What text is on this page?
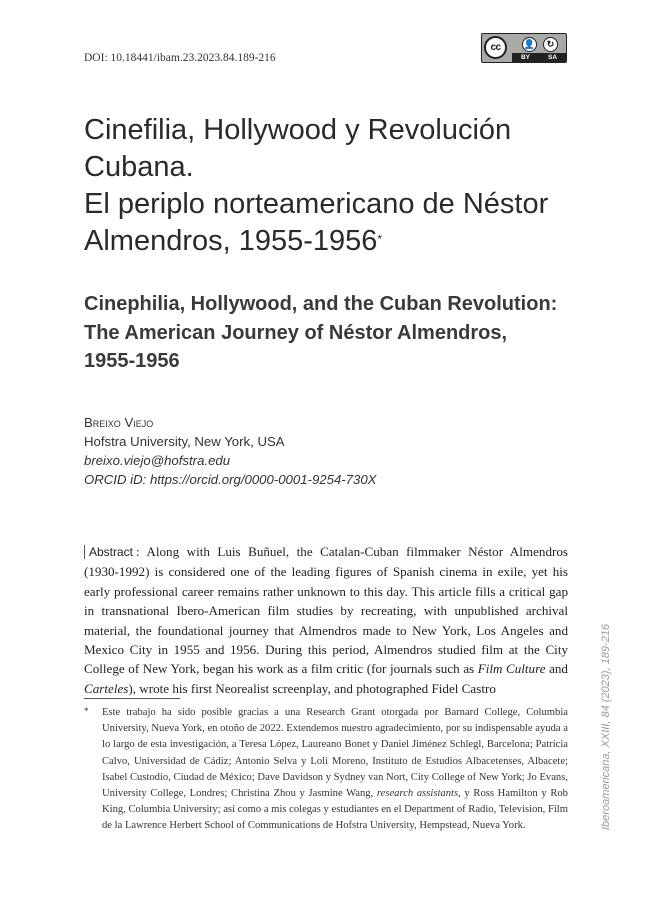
DOI: 10.18441/ibam.23.2023.84.189-216
cc	👤	↻
BY	SA
Cinefilia, Hollywood y Revolución
Cubana.
El periplo norteamericano de Néstor
Almendros, 1955-1956*
Cinephilia, Hollywood, and the Cuban Revolution:
The American Journey of Néstor Almendros,
1955-1956
Breixo Viejo
Hofstra University, New York, USA
breixo.viejo@hofstra.edu
ORCID iD: https://orcid.org/0000-0001-9254-730X
Abstract : Along with Luis Buñuel, the Catalan-Cuban filmmaker Néstor Almendros (1930-1992) is considered one of the leading figures of Spanish cinema in exile, yet his early professional career remains rather unknown to this day. This article fills a critical gap in transnational Ibero-American film studies by recreating, with unpublished archival material, the foundational journey that Almendros made to New York, Los Angeles and Mexico City in 1955 and 1956. During this period, Almendros studied film at the City College of New York, began his work as a film critic (for journals such as Film Culture and Carteles), wrote his first Neorealist screenplay, and photographed Fidel Castro
* Este trabajo ha sido posible gracias a una Research Grant otorgada por Barnard College, Columbia University, Nueva York, en otoño de 2022. Extendemos nuestro agradecimiento, por su indispensable ayuda a lo largo de esta investigación, a Teresa López, Laureano Bonet y Daniel Jiménez Schlegl, Barcelona; Patricia Calvo, Universidad de Cádiz; Antonio Selva y Loli Moreno, Instituto de Estudios Albacetenses, Albacete; Isabel Custodio, Ciudad de México; Dave Davidson y Sydney van Nort, City College of New York; Jo Evans, University College, Londres; Christina Zhou y Jasmine Wang, research assistants, y Ross Hamilton y Rob King, Columbia University; así como a mis colegas y estudiantes en el Department of Radio, Television, Film de la Lawrence Herbert School of Communications de Hofstra University, Hempstead, Nueva York.	Iberoamericana, XXIII, 84 (2023), 189-216
